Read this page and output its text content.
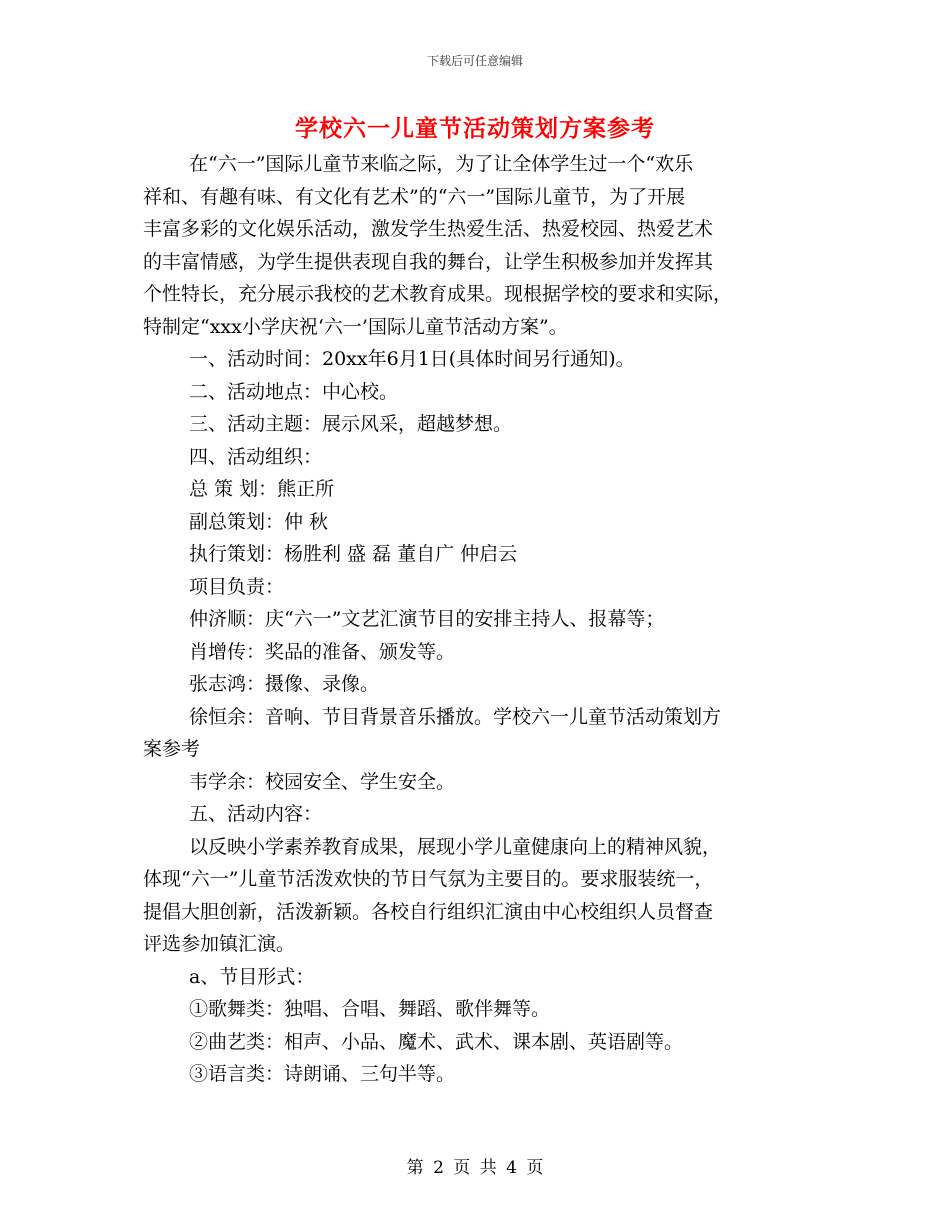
下载后可任意编辑
学校六一儿童节活动策划方案参考

在“六一”国际儿童节来临之际，为了让全体学生过一个“欢乐

祥和、有趣有味、有文化有艺术”的“六一”国际儿童节，为了开展

丰富多彩的文化娱乐活动，激发学生热爱生活、热爱校园、热爱艺术

的丰富情感，为学生提供表现自我的舞台，让学生积极参加并发挥其

个性特长，充分展示我校的艺术教育成果。现根据学校的要求和实际，

特制定“xxx小学庆祝‘六一’国际儿童节活动方案”。

一、活动时间：20xx年6月1日(具体时间另行通知)。

二、活动地点：中心校。

三、活动主题：展示风采，超越梦想。

四、活动组织：

总 策 划：熊正所

副总策划：仲 秋

执行策划：杨胜利 盛 磊 董自广 仲启云

项目负责：

仲济顺：庆“六一”文艺汇演节目的安排主持人、报幕等；

肖增传：奖品的准备、颁发等。

张志鸿：摄像、录像。

徐恒余：音响、节目背景音乐播放。学校六一儿童节活动策划方

案参考

韦学余：校园安全、学生安全。

五、活动内容：

以反映小学素养教育成果，展现小学儿童健康向上的精神风貌，

体现“六一”儿童节活泼欢快的节日气氛为主要目的。要求服装统一，

提倡大胆创新，活泼新颖。各校自行组织汇演由中心校组织人员督查

评选参加镇汇演。

a、节目形式：

①歌舞类：独唱、合唱、舞蹈、歌伴舞等。

②曲艺类：相声、小品、魔术、武术、课本剧、英语剧等。

③语言类：诗朗诵、三句半等。

第 2 页 共 4 页
